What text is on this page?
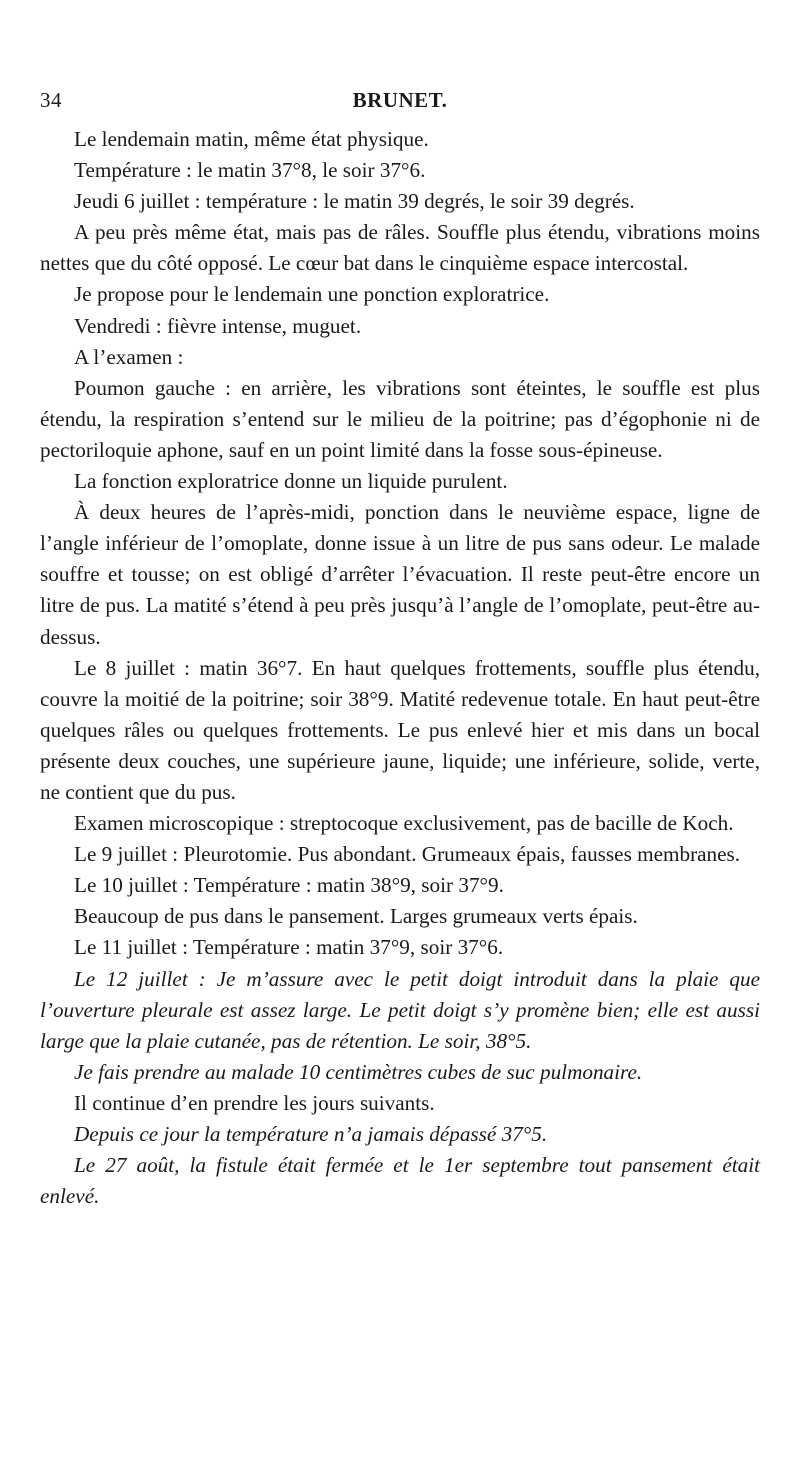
34	BRUNET.

Le lendemain matin, même état physique.

Température : le matin 37°8, le soir 37°6.

Jeudi 6 juillet : température : le matin 39 degrés, le soir 39 degrés.

A peu près même état, mais pas de râles. Souffle plus étendu, vibrations moins nettes que du côté opposé. Le cœur bat dans le cinquième espace intercostal.

Je propose pour le lendemain une ponction exploratrice.

Vendredi : fièvre intense, muguet.

A l’examen :

Poumon gauche : en arrière, les vibrations sont éteintes, le souffle est plus étendu, la respiration s’entend sur le milieu de la poitrine; pas d’égophonie ni de pectoriloquie aphone, sauf en un point limité dans la fosse sous-épineuse.

La fonction exploratrice donne un liquide purulent.

À deux heures de l’après-midi, ponction dans le neuvième espace, ligne de l’angle inférieur de l’omoplate, donne issue à un litre de pus sans odeur. Le malade souffre et tousse; on est obligé d’arrêter l’évacuation. Il reste peut-être encore un litre de pus. La matité s’étend à peu près jusqu’à l’angle de l’omoplate, peut-être au-dessus.

Le 8 juillet : matin 36°7. En haut quelques frottements, souffle plus étendu, couvre la moitié de la poitrine; soir 38°9. Matité redevenue totale. En haut peut-être quelques râles ou quelques frottements. Le pus enlevé hier et mis dans un bocal présente deux couches, une supérieure jaune, liquide; une inférieure, solide, verte, ne contient que du pus.

Examen microscopique : streptocoque exclusivement, pas de bacille de Koch.

Le 9 juillet : Pleurotomie. Pus abondant. Grumeaux épais, fausses membranes.

Le 10 juillet : Température : matin 38°9, soir 37°9.

Beaucoup de pus dans le pansement. Larges grumeaux verts épais.

Le 11 juillet : Température : matin 37°9, soir 37°6.

Le 12 juillet : Je m’assure avec le petit doigt introduit dans la plaie que l’ouverture pleurale est assez large. Le petit doigt s’y promène bien; elle est aussi large que la plaie cutanée, pas de rétention. Le soir, 38°5.

Je fais prendre au malade 10 centimètres cubes de suc pulmonaire.

Il continue d’en prendre les jours suivants.

Depuis ce jour la température n’a jamais dépassé 37°5.

Le 27 août, la fistule était fermée et le 1er septembre tout pansement était enlevé.
